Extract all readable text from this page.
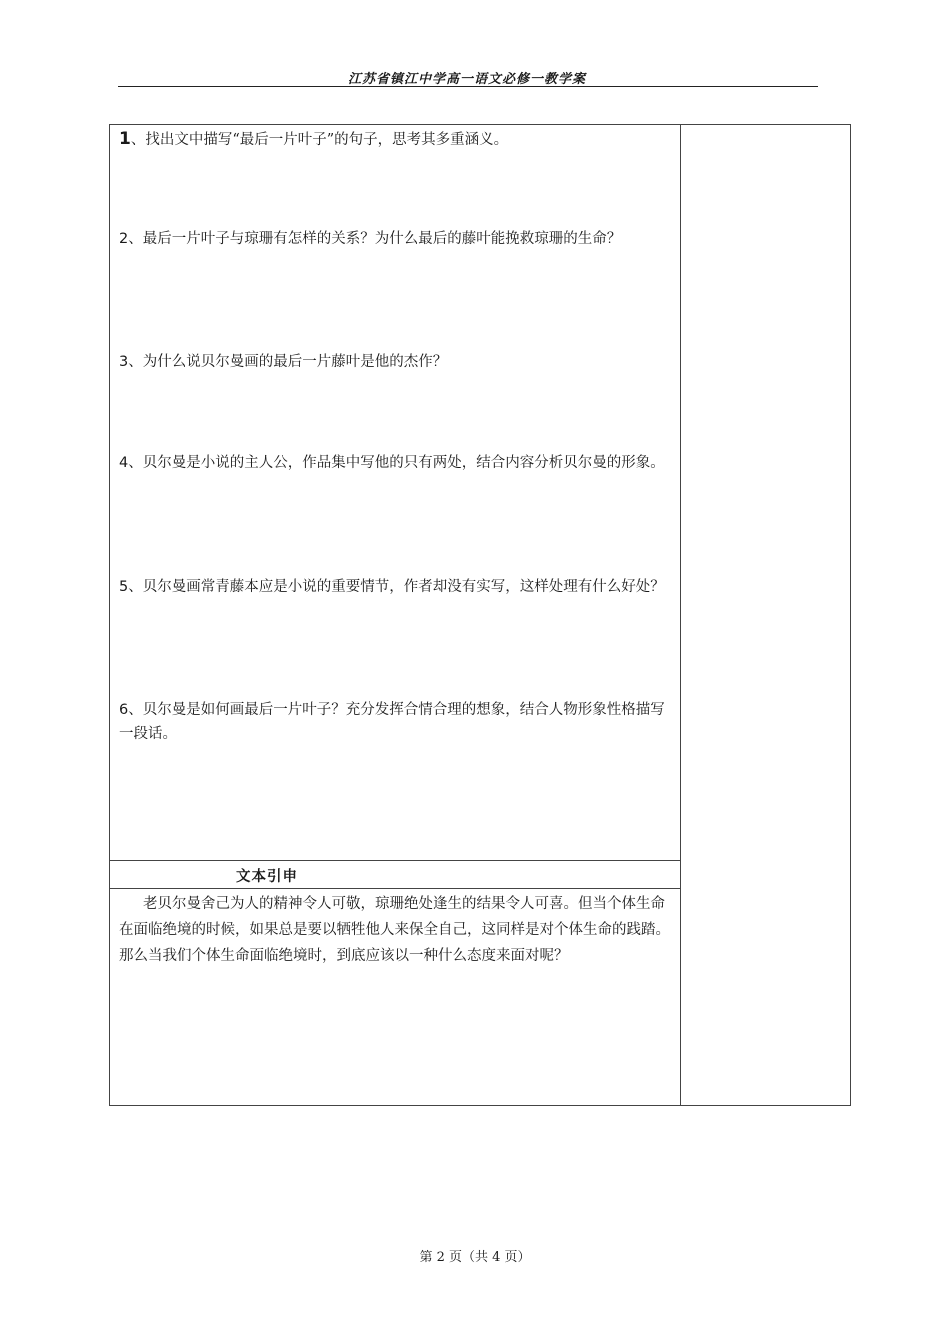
江苏省镇江中学高一语文必修一教学案
1、找出文中描写“最后一片叶子”的句子，思考其多重涵义。
2、最后一片叶子与琼珊有怎样的关系？为什么最后的藤叶能挽救琼珊的生命？
3、为什么说贝尔曼画的最后一片藤叶是他的杰作？
4、贝尔曼是小说的主人公，作品集中写他的只有两处，结合内容分析贝尔曼的形象。
5、贝尔曼画常青藤本应是小说的重要情节，作者却没有实写，这样处理有什么好处？
6、贝尔曼是如何画最后一片叶子？充分发挥合情合理的想象，结合人物形象性格描写一段话。
文本引申
老贝尔曼舍己为人的精神令人可敬，琼珊绝处逢生的结果令人可喜。但当个体生命在面临绝境的时候，如果总是要以牺牲他人来保全自己，这同样是对个体生命的践踏。那么当我们个体生命面临绝境时，到底应该以一种什么态度来面对呢？
第 2 页（共 4 页）
